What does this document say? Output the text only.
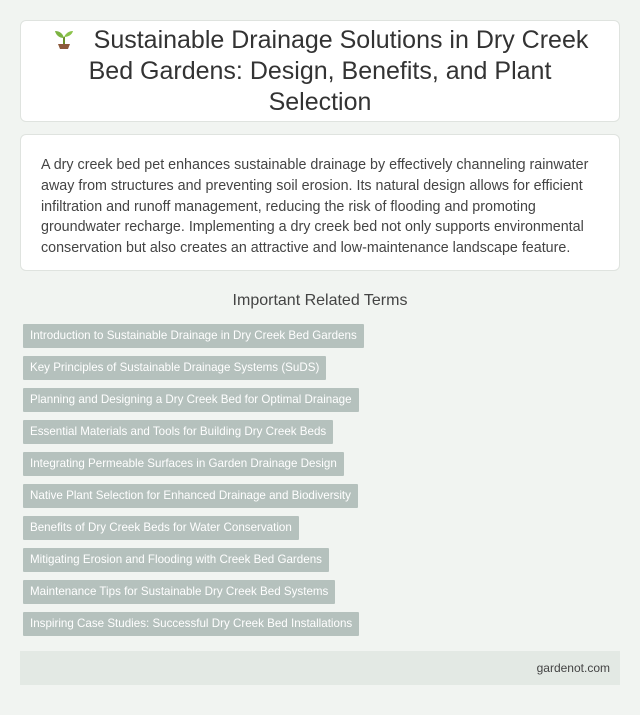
Sustainable Drainage Solutions in Dry Creek Bed Gardens: Design, Benefits, and Plant Selection

A dry creek bed pet enhances sustainable drainage by effectively channeling rainwater away from structures and preventing soil erosion. Its natural design allows for efficient infiltration and runoff management, reducing the risk of flooding and promoting groundwater recharge. Implementing a dry creek bed not only supports environmental conservation but also creates an attractive and low-maintenance landscape feature.

Important Related Terms
Introduction to Sustainable Drainage in Dry Creek Bed Gardens
Key Principles of Sustainable Drainage Systems (SuDS)
Planning and Designing a Dry Creek Bed for Optimal Drainage
Essential Materials and Tools for Building Dry Creek Beds
Integrating Permeable Surfaces in Garden Drainage Design
Native Plant Selection for Enhanced Drainage and Biodiversity
Benefits of Dry Creek Beds for Water Conservation
Mitigating Erosion and Flooding with Creek Bed Gardens
Maintenance Tips for Sustainable Dry Creek Bed Systems
Inspiring Case Studies: Successful Dry Creek Bed Installations
gardenot.com
